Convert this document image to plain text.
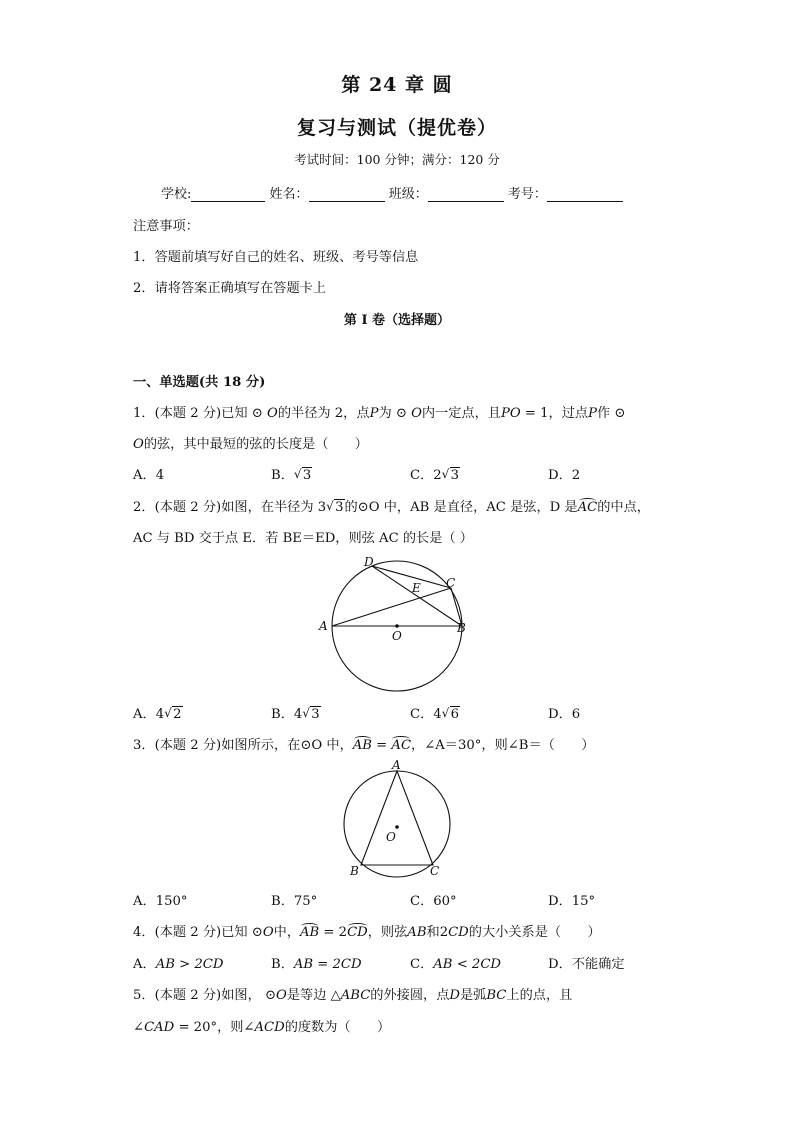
第 24 章 圆
复习与测试（提优卷）
考试时间：100 分钟；满分：120 分
学校:	姓名：	班级：	考号：
注意事项：
1．答题前填写好自己的姓名、班级、考号等信息
2．请将答案正确填写在答题卡上
第 I 卷（选择题）
一、单选题(共 18 分)
1．(本题 2 分)已知 ⊙ O的半径为 2，点P为 ⊙ O内一定点，且PO = 1，过点P作 ⊙
O的弦，其中最短的弦的长度是（　　）
A．4	B． √ 3	C．2 √ 3	D．2
2．(本题 2 分)如图，在半径为 3 √ 3的⊙O 中，AB 是直径，AC 是弦，D 是AC的中点，
AC 与 BD 交于点 E．若 BE＝ED，则弦 AC 的长是（ ）
A	B
C
D
E
O
A．4 √ 2	B．4 √ 3	C．4 √ 6	D．6
3．(本题 2 分)如图所示，在⊙O 中，AB = AC，∠A＝30°，则∠B＝（　　）
A
B	C
O
A．150°	B．75°	C．60°	D．15°
4．(本题 2 分)已知 ⊙O中，AB = 2CD，则弦AB和2CD的大小关系是（　　）
A．AB > 2CD	B．AB = 2CD	C．AB < 2CD	D．不能确定
5．(本题 2 分)如图， ⊙O是等边 △ABC的外接圆，点D是弧BC上的点，且
∠CAD = 20°，则∠ACD的度数为（　　）
